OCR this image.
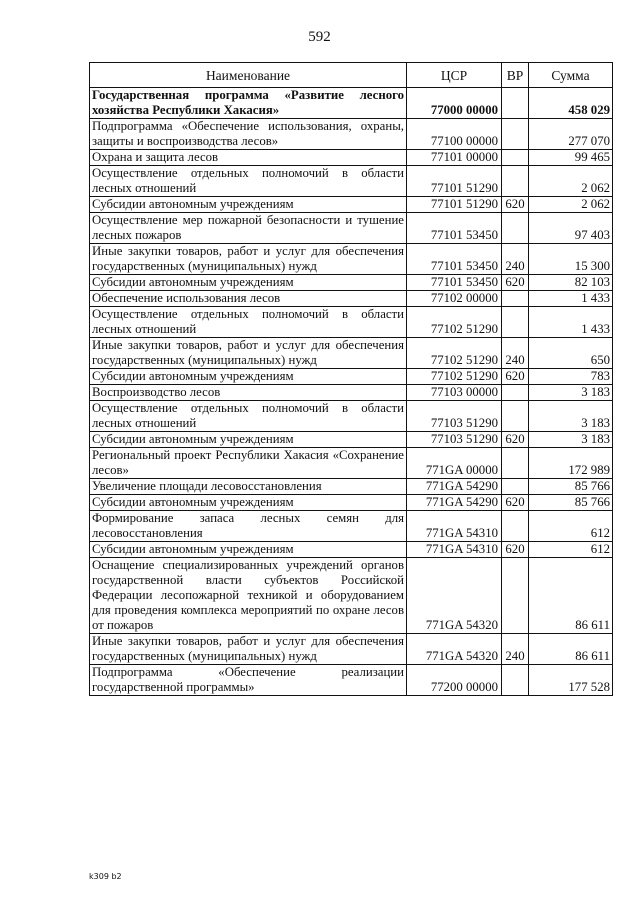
592
Наименование	ЦСР	ВР	Сумма
Государственная программа «Развитие лесного хозяйства Республики Хакасия»	77000 00000		458 029
Подпрограмма «Обеспечение использования, охраны, защиты и воспроизводства лесов»	77100 00000		277 070
Охрана и защита лесов	77101 00000		99 465
Осуществление отдельных полномочий в области лесных отношений	77101 51290		2 062
Субсидии автономным учреждениям	77101 51290	620	2 062
Осуществление мер пожарной безопасности и тушение лесных пожаров	77101 53450		97 403
Иные закупки товаров, работ и услуг для обеспечения государственных (муниципальных) нужд	77101 53450	240	15 300
Субсидии автономным учреждениям	77101 53450	620	82 103
Обеспечение использования лесов	77102 00000		1 433
Осуществление отдельных полномочий в области лесных отношений	77102 51290		1 433
Иные закупки товаров, работ и услуг для обеспечения государственных (муниципальных) нужд	77102 51290	240	650
Субсидии автономным учреждениям	77102 51290	620	783
Воспроизводство лесов	77103 00000		3 183
Осуществление отдельных полномочий в области лесных отношений	77103 51290		3 183
Субсидии автономным учреждениям	77103 51290	620	3 183
Региональный проект Республики Хакасия «Сохранение лесов»	771GA 00000		172 989
Увеличение площади лесовосстановления	771GA 54290		85 766
Субсидии автономным учреждениям	771GA 54290	620	85 766
Формирование запаса лесных семян для лесовосстановления	771GA 54310		612
Субсидии автономным учреждениям	771GA 54310	620	612
Оснащение специализированных учреждений органов государственной власти субъектов Российской Федерации лесопожарной техникой и оборудованием для проведения комплекса мероприятий по охране лесов от пожаров	771GA 54320		86 611
Иные закупки товаров, работ и услуг для обеспечения государственных (муниципальных) нужд	771GA 54320	240	86 611
Подпрограмма «Обеспечение реализации государственной программы»	77200 00000		177 528
k309 b2
